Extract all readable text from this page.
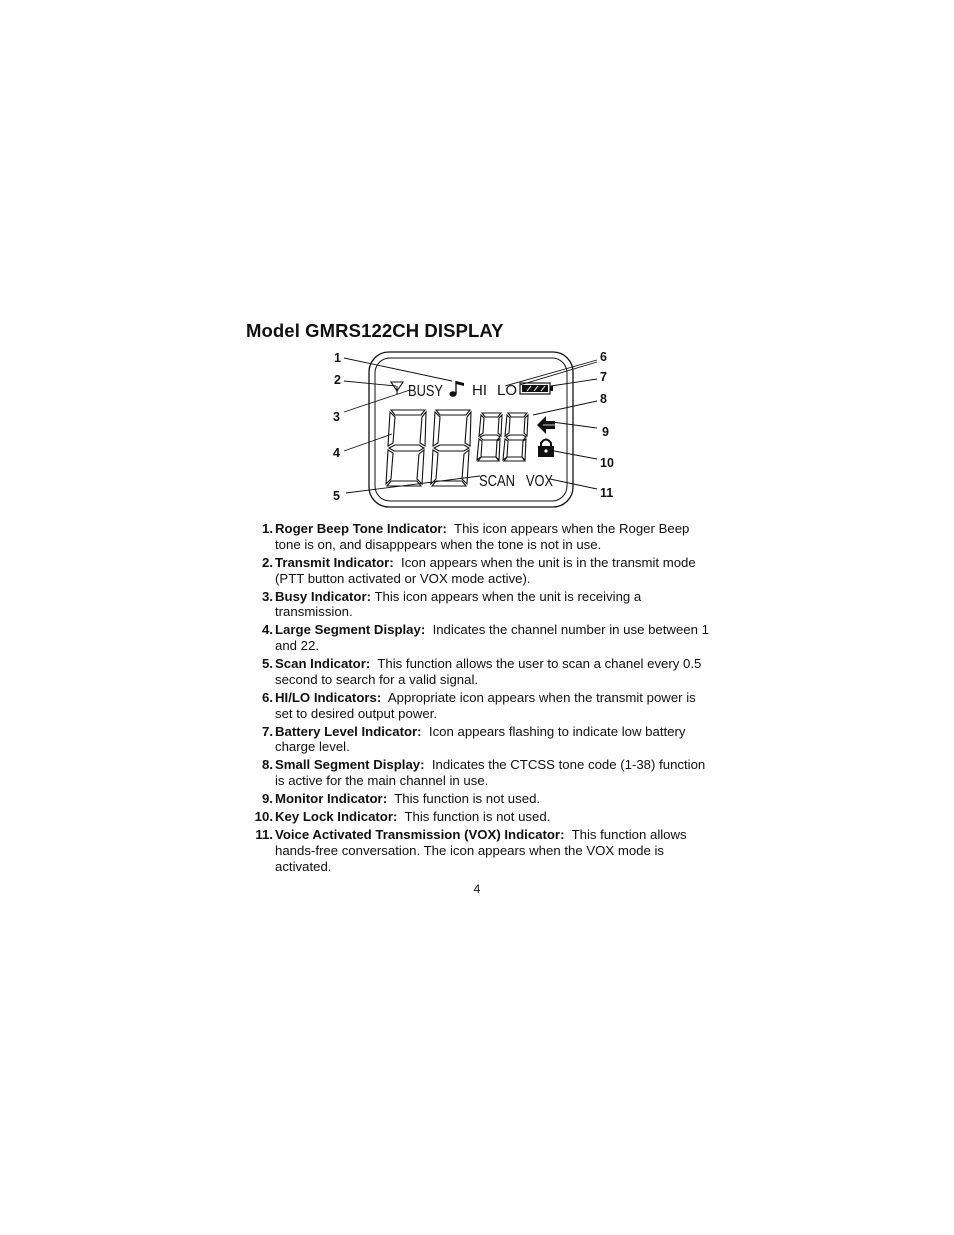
Model GMRS122CH DISPLAY
BUSY HI LO
SCAN VOX
1
2
3
4
5
6
7
8
9
10
11
1. Roger Beep Tone Indicator: This icon appears when the Roger Beep tone is on, and disapppears when the tone is not in use.
2. Transmit Indicator: Icon appears when the unit is in the transmit mode (PTT button activated or VOX mode active).
3. Busy Indicator: This icon appears when the unit is receiving a transmission.
4. Large Segment Display: Indicates the channel number in use between 1 and 22.
5. Scan Indicator: This function allows the user to scan a chanel every 0.5 second to search for a valid signal.
6. HI/LO Indicators: Appropriate icon appears when the transmit power is set to desired output power.
7. Battery Level Indicator: Icon appears flashing to indicate low battery charge level.
8. Small Segment Display: Indicates the CTCSS tone code (1-38) function is active for the main channel in use.
9. Monitor Indicator: This function is not used.
10. Key Lock Indicator: This function is not used.
11. Voice Activated Transmission (VOX) Indicator: This function allows hands-free conversation. The icon appears when the VOX mode is activated.

4
